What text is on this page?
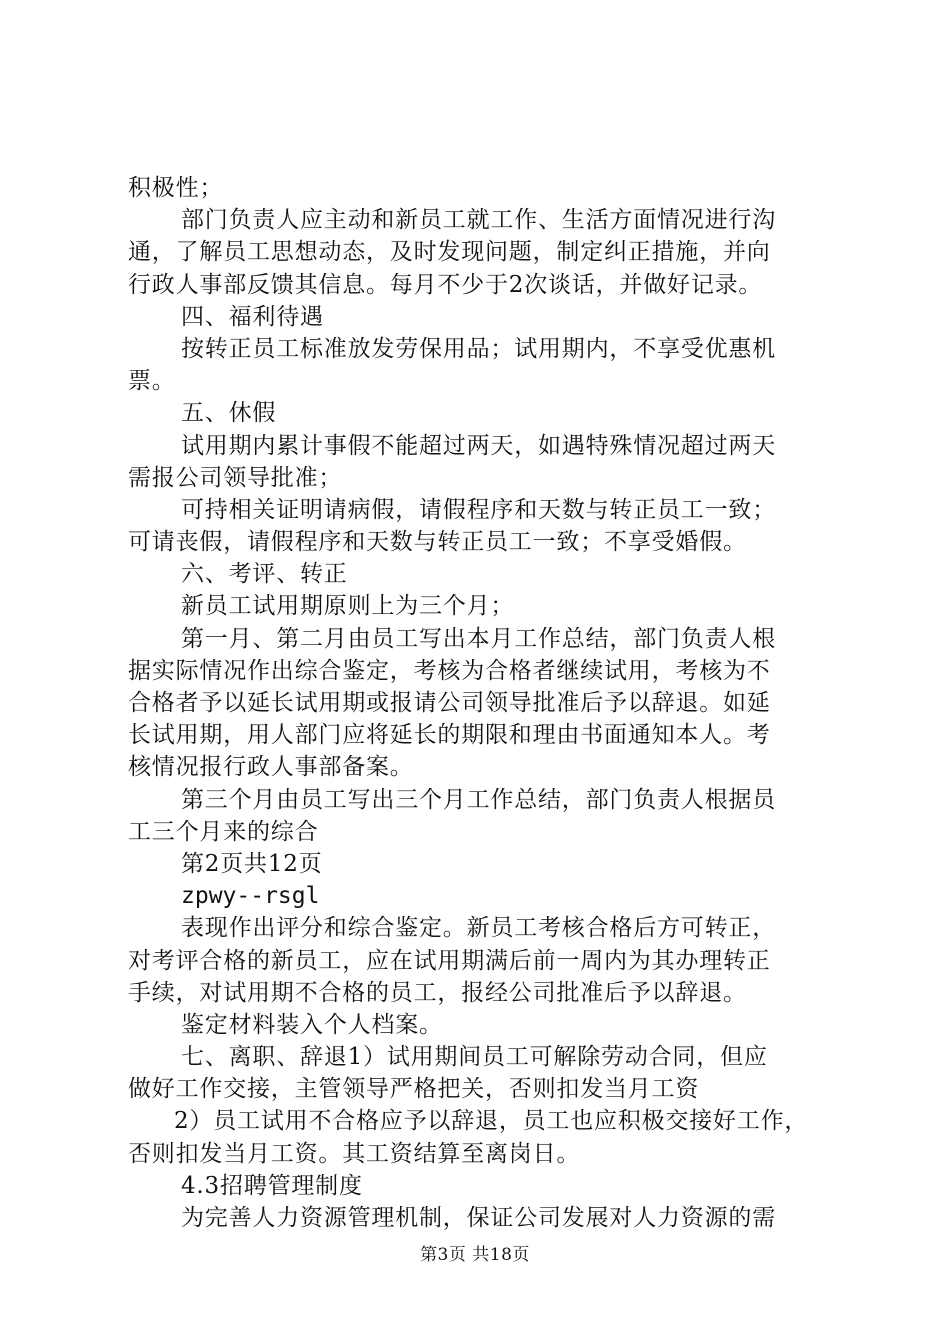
积极性；
部门负责人应主动和新员工就工作、生活方面情况进行沟
通，了解员工思想动态，及时发现问题，制定纠正措施，并向
行政人事部反馈其信息。每月不少于2次谈话，并做好记录。
四、福利待遇
按转正员工标准放发劳保用品；试用期内，不享受优惠机
票。
五、休假
试用期内累计事假不能超过两天，如遇特殊情况超过两天
需报公司领导批准；
可持相关证明请病假，请假程序和天数与转正员工一致；
可请丧假，请假程序和天数与转正员工一致；不享受婚假。
六、考评、转正
新员工试用期原则上为三个月；
第一月、第二月由员工写出本月工作总结，部门负责人根
据实际情况作出综合鉴定，考核为合格者继续试用，考核为不
合格者予以延长试用期或报请公司领导批准后予以辞退。如延
长试用期，用人部门应将延长的期限和理由书面通知本人。考
核情况报行政人事部备案。
第三个月由员工写出三个月工作总结，部门负责人根据员
工三个月来的综合
第2页共12页
zpwy--rsgl
表现作出评分和综合鉴定。新员工考核合格后方可转正，
对考评合格的新员工，应在试用期满后前一周内为其办理转正
手续，对试用期不合格的员工，报经公司批准后予以辞退。
鉴定材料装入个人档案。
七、离职、辞退1）试用期间员工可解除劳动合同，但应
做好工作交接，主管领导严格把关，否则扣发当月工资
2）员工试用不合格应予以辞退，员工也应积极交接好工作，
否则扣发当月工资。其工资结算至离岗日。
4.3招聘管理制度
为完善人力资源管理机制，保证公司发展对人力资源的需
第3页 共18页
